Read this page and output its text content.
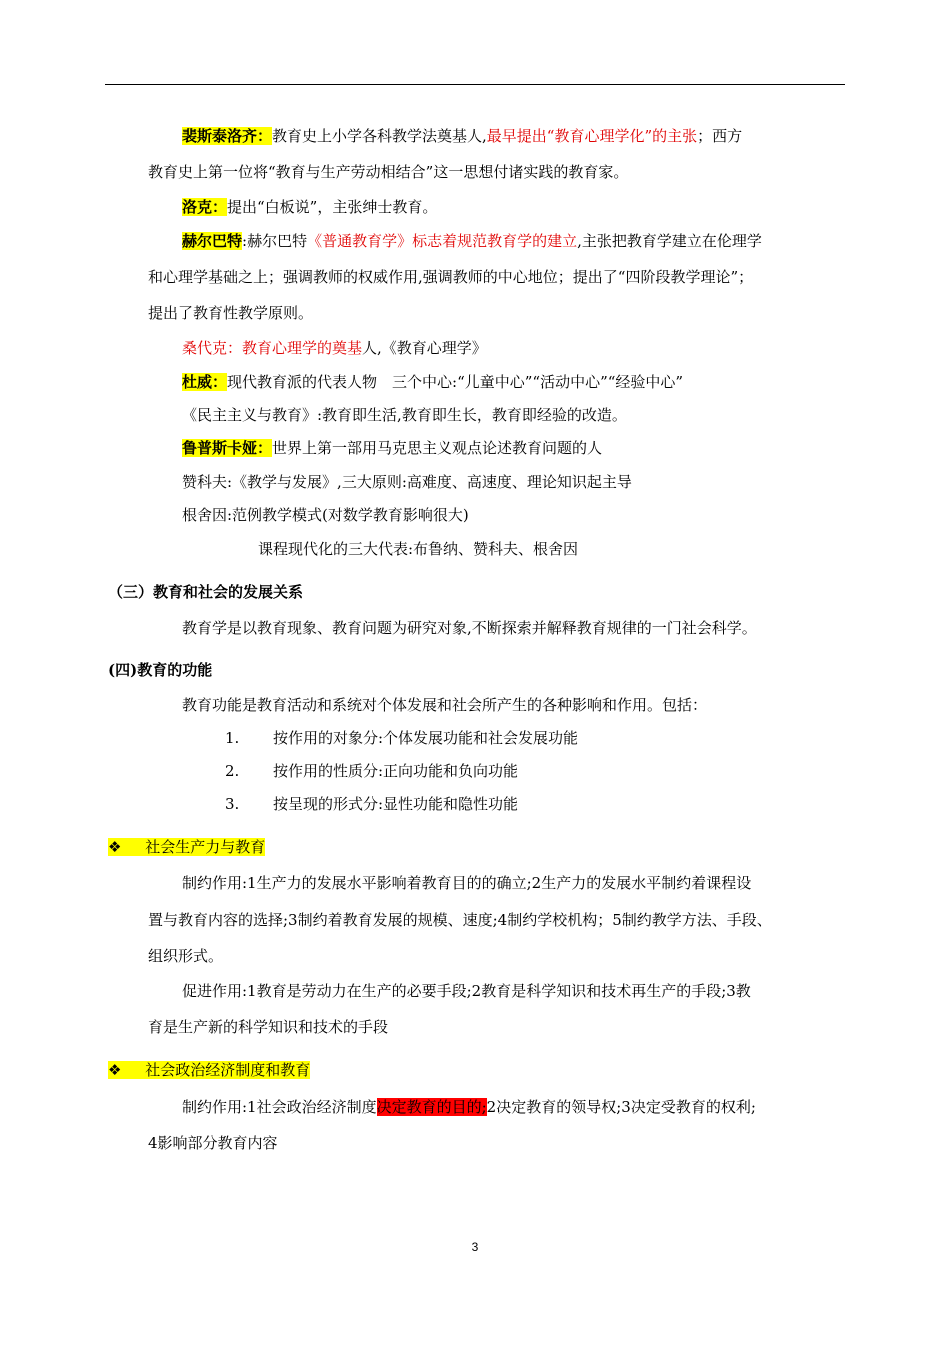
裴斯泰洛齐：教育史上小学各科教学法奠基人,最早提出“教育心理学化”的主张；西方
教育史上第一位将“教育与生产劳动相结合”这一思想付诸实践的教育家。
洛克：提出“白板说”，主张绅士教育。
赫尔巴特:赫尔巴特《普通教育学》标志着规范教育学的建立,主张把教育学建立在伦理学
和心理学基础之上；强调教师的权威作用,强调教师的中心地位；提出了“四阶段教学理论”；
提出了教育性教学原则。
桑代克：教育心理学的奠基人,《教育心理学》
杜威：现代教育派的代表人物　三个中心:“儿童中心”“活动中心”“经验中心”
《民主主义与教育》:教育即生活,教育即生长，教育即经验的改造。
鲁普斯卡娅：世界上第一部用马克思主义观点论述教育问题的人
赞科夫:《教学与发展》,三大原则:高难度、高速度、理论知识起主导
根舍因:范例教学模式(对数学教育影响很大)
课程现代化的三大代表:布鲁纳、赞科夫、根舍因
（三）教育和社会的发展关系
教育学是以教育现象、教育问题为研究对象,不断探索并解释教育规律的一门社会科学。
(四)教育的功能
教育功能是教育活动和系统对个体发展和社会所产生的各种影响和作用。包括：
1. 按作用的对象分:个体发展功能和社会发展功能
2. 按作用的性质分:正向功能和负向功能
3. 按呈现的形式分:显性功能和隐性功能
❖ 社会生产力与教育
制约作用:1生产力的发展水平影响着教育目的的确立;2生产力的发展水平制约着课程设
置与教育内容的选择;3制约着教育发展的规模、速度;4制约学校机构；5制约教学方法、手段、
组织形式。
促进作用:1教育是劳动力在生产的必要手段;2教育是科学知识和技术再生产的手段;3教
育是生产新的科学知识和技术的手段
❖ 社会政治经济制度和教育
制约作用:1社会政治经济制度决定教育的目的;2决定教育的领导权;3决定受教育的权利;
4影响部分教育内容
3
